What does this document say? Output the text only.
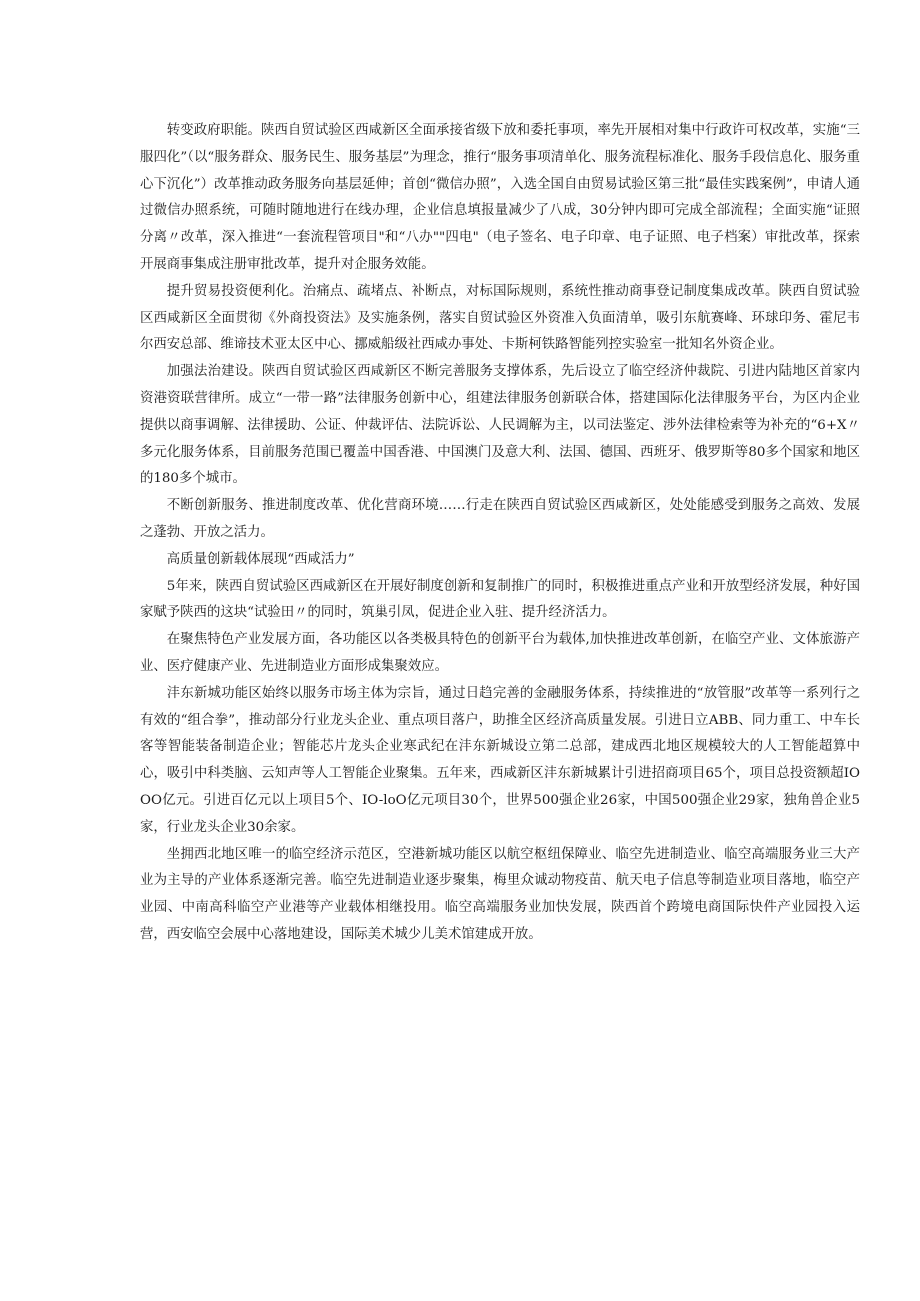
转变政府职能。陕西自贸试验区西咸新区全面承接省级下放和委托事项，率先开展相对集中行政许可权改革，实施“三服四化”（以“服务群众、服务民生、服务基层”为理念，推行“服务事项清单化、服务流程标准化、服务手段信息化、服务重心下沉化”）改革推动政务服务向基层延伸；首创“微信办照”，入选全国自由贸易试验区第三批“最佳实践案例”，申请人通过微信办照系统，可随时随地进行在线办理，企业信息填报量减少了八成，30分钟内即可完成全部流程；全面实施“证照分离〃改革，深入推进“一套流程管项目"和“八办""四电"（电子签名、电子印章、电子证照、电子档案）审批改革，探索开展商事集成注册审批改革，提升对企服务效能。

提升贸易投资便利化。治痛点、疏堵点、补断点，对标国际规则，系统性推动商事登记制度集成改革。陕西自贸试验区西咸新区全面贯彻《外商投资法》及实施条例，落实自贸试验区外资准入负面清单，吸引东航赛峰、环球印务、霍尼韦尔西安总部、维谛技术亚太区中心、挪威船级社西咸办事处、卡斯柯铁路智能列控实验室一批知名外资企业。

加强法治建设。陕西自贸试验区西咸新区不断完善服务支撑体系，先后设立了临空经济仲裁院、引进内陆地区首家内资港资联营律所。成立“一带一路”法律服务创新中心，组建法律服务创新联合体，搭建国际化法律服务平台，为区内企业提供以商事调解、法律援助、公证、仲裁评估、法院诉讼、人民调解为主，以司法鉴定、涉外法律检索等为补充的“6+X〃多元化服务体系，目前服务范围已覆盖中国香港、中国澳门及意大利、法国、德国、西班牙、俄罗斯等80多个国家和地区的180多个城市。

不断创新服务、推进制度改革、优化营商环境……行走在陕西自贸试验区西咸新区，处处能感受到服务之高效、发展之蓬勃、开放之活力。

高质量创新载体展现“西咸活力”

5年来，陕西自贸试验区西咸新区在开展好制度创新和复制推广的同时，积极推进重点产业和开放型经济发展，种好国家赋予陕西的这块“试验田〃的同时，筑巢引凤，促进企业入驻、提升经济活力。

在聚焦特色产业发展方面，各功能区以各类极具特色的创新平台为载体,加快推进改革创新，在临空产业、文体旅游产业、医疗健康产业、先进制造业方面形成集聚效应。

沣东新城功能区始终以服务市场主体为宗旨，通过日趋完善的金融服务体系，持续推进的“放管服”改革等一系列行之有效的“组合拳”，推动部分行业龙头企业、重点项目落户，助推全区经济高质量发展。引进日立ABB、同力重工、中车长客等智能装备制造企业；智能芯片龙头企业寒武纪在沣东新城设立第二总部，建成西北地区规模较大的人工智能超算中心，吸引中科类脑、云知声等人工智能企业聚集。五年来，西咸新区沣东新城累计引进招商项目65个，项目总投资额超IOOO亿元。引进百亿元以上项目5个、IO-loO亿元项目30个，世界500强企业26家，中国500强企业29家，独角兽企业5家，行业龙头企业30余家。

坐拥西北地区唯一的临空经济示范区，空港新城功能区以航空枢纽保障业、临空先进制造业、临空高端服务业三大产业为主导的产业体系逐渐完善。临空先进制造业逐步聚集，梅里众诚动物疫苗、航天电子信息等制造业项目落地，临空产业园、中南高科临空产业港等产业载体相继投用。临空高端服务业加快发展，陕西首个跨境电商国际快件产业园投入运营，西安临空会展中心落地建设，国际美术城少儿美术馆建成开放。
